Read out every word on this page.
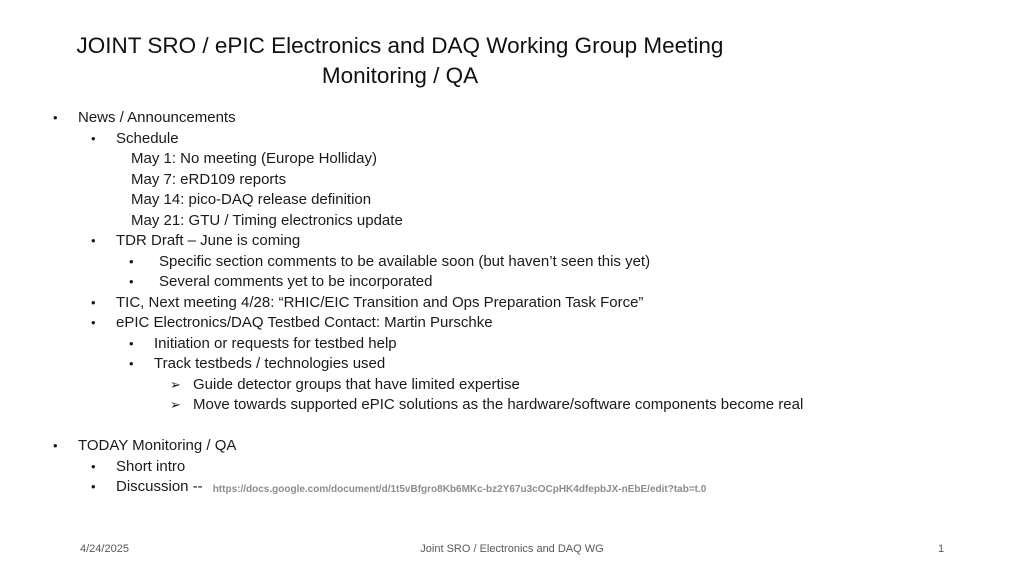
JOINT SRO / ePIC Electronics and DAQ Working Group Meeting
Monitoring / QA
• News / Announcements
• Schedule
May 1: No meeting (Europe Holliday)
May 7: eRD109 reports
May 14: pico-DAQ release definition
May 21: GTU / Timing electronics update
• TDR Draft – June is coming
• Specific section comments to be available soon (but haven’t seen this yet)
• Several comments yet to be incorporated
• TIC, Next meeting 4/28: “RHIC/EIC Transition and Ops Preparation Task Force”
• ePIC Electronics/DAQ Testbed Contact: Martin Purschke
• Initiation or requests for testbed help
• Track testbeds / technologies used
➢ Guide detector groups that have limited expertise
➢ Move towards supported ePIC solutions as the hardware/software components become real
• TODAY Monitoring / QA
• Short intro
• Discussion -- https://docs.google.com/document/d/1t5vBfgro8Kb6MKc-bz2Y67u3cOCpHK4dfepbJX-nEbE/edit?tab=t.0
4/24/2025	Joint SRO / Electronics and DAQ WG	1
